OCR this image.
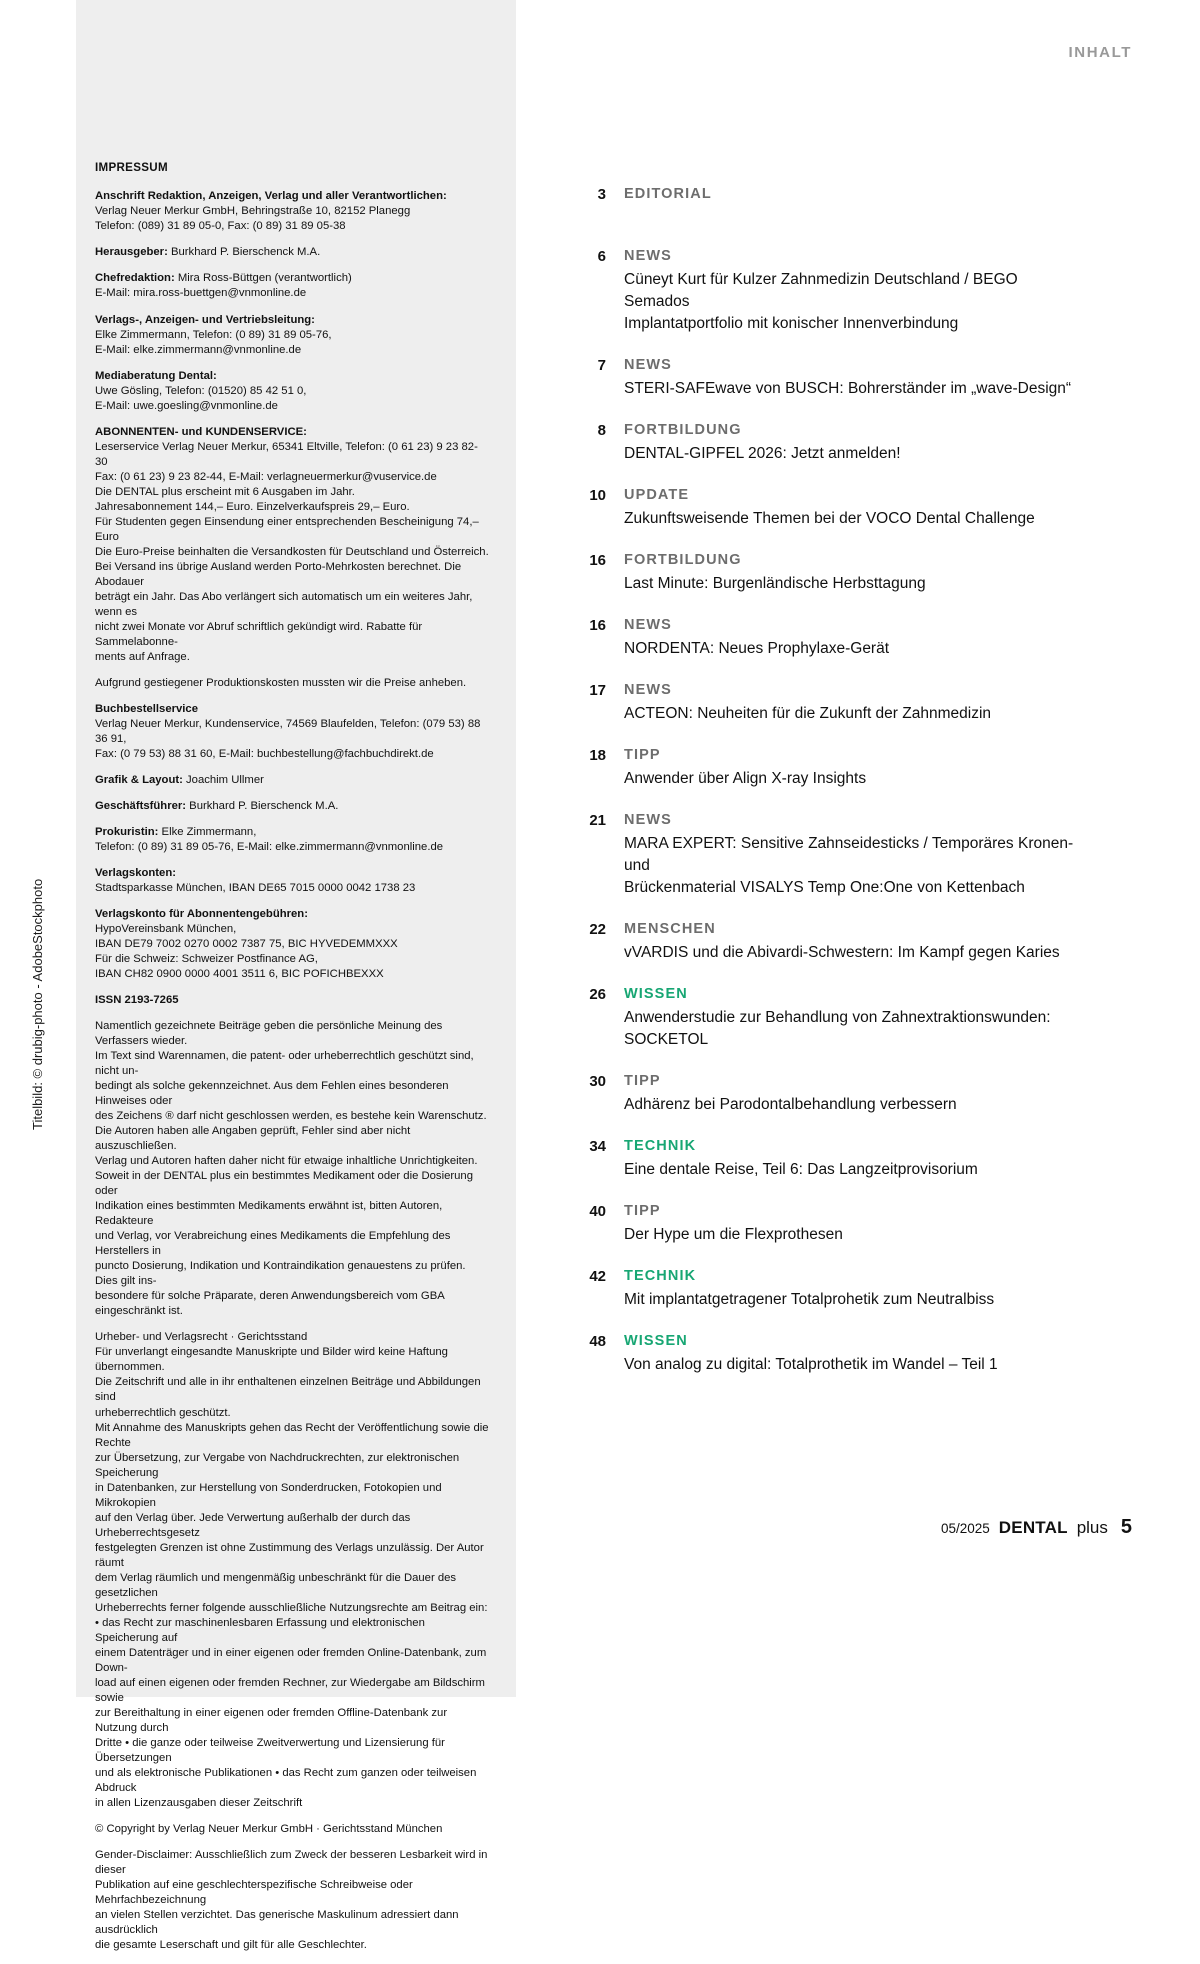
INHALT
Titelbild: © drubig-photo - AdobeStockphoto
IMPRESSUM
Anschrift Redaktion, Anzeigen, Verlag und aller Verantwortlichen:
Verlag Neuer Merkur GmbH, Behringstraße 10, 82152 Planegg
Telefon: (089) 31 89 05-0, Fax: (0 89) 31 89 05-38
Herausgeber: Burkhard P. Bierschenck M.A.
Chefredaktion: Mira Ross-Büttgen (verantwortlich)
E-Mail: mira.ross-buettgen@vnmonline.de
Verlags-, Anzeigen- und Vertriebsleitung:
Elke Zimmermann, Telefon: (0 89) 31 89 05-76,
E-Mail: elke.zimmermann@vnmonline.de
Mediaberatung Dental:
Uwe Gösling, Telefon: (01520) 85 42 51 0,
E-Mail: uwe.goesling@vnmonline.de
ABONNENTEN- und KUNDENSERVICE:
Leserservice Verlag Neuer Merkur, 65341 Eltville, Telefon: (0 61 23) 9 23 82-30
Fax: (0 61 23) 9 23 82-44, E-Mail: verlagneuermerkur@vuservice.de
Die DENTAL plus erscheint mit 6 Ausgaben im Jahr.
Jahresabonnement 144,– Euro. Einzelverkaufspreis 29,– Euro.
Für Studenten gegen Einsendung einer entsprechenden Bescheinigung 74,– Euro
Die Euro-Preise beinhalten die Versandkosten für Deutschland und Österreich.
Bei Versand ins übrige Ausland werden Porto-Mehrkosten berechnet. Die Abodauer
beträgt ein Jahr. Das Abo verlängert sich automatisch um ein weiteres Jahr, wenn es
nicht zwei Monate vor Abruf schriftlich gekündigt wird. Rabatte für Sammelabonne-
ments auf Anfrage.
Aufgrund gestiegener Produktionskosten mussten wir die Preise anheben.
Buchbestellservice
Verlag Neuer Merkur, Kundenservice, 74569 Blaufelden, Telefon: (079 53) 88 36 91,
Fax: (0 79 53) 88 31 60, E-Mail: buchbestellung@fachbuchdirekt.de
Grafik & Layout: Joachim Ullmer
Geschäftsführer: Burkhard P. Bierschenck M.A.
Prokuristin: Elke Zimmermann,
Telefon: (0 89) 31 89 05-76, E-Mail: elke.zimmermann@vnmonline.de
Verlagskonten:
Stadtsparkasse München, IBAN DE65 7015 0000 0042 1738 23
Verlagskonto für Abonnentengebühren:
HypoVereinsbank München,
IBAN DE79 7002 0270 0002 7387 75, BIC HYVEDEMMXXX
Für die Schweiz: Schweizer Postfinance AG,
IBAN CH82 0900 0000 4001 3511 6, BIC POFICHBEXXX
ISSN 2193-7265
Namentlich gezeichnete Beiträge geben die persönliche Meinung des Verfassers wieder.
Im Text sind Warennamen, die patent- oder urheberrechtlich geschützt sind, nicht un-
bedingt als solche gekennzeichnet. Aus dem Fehlen eines besonderen Hinweises oder
des Zeichens ® darf nicht geschlossen werden, es bestehe kein Warenschutz.
Die Autoren haben alle Angaben geprüft, Fehler sind aber nicht auszuschließen.
Verlag und Autoren haften daher nicht für etwaige inhaltliche Unrichtigkeiten.
Soweit in der DENTAL plus ein bestimmtes Medikament oder die Dosierung oder
Indikation eines bestimmten Medikaments erwähnt ist, bitten Autoren, Redakteure
und Verlag, vor Verabreichung eines Medikaments die Empfehlung des Herstellers in
puncto Dosierung, Indikation und Kontraindikation genauestens zu prüfen. Dies gilt ins-
besondere für solche Präparate, deren Anwendungsbereich vom GBA eingeschränkt ist.
Urheber- und Verlagsrecht · Gerichtsstand
Für unverlangt eingesandte Manuskripte und Bilder wird keine Haftung übernommen.
Die Zeitschrift und alle in ihr enthaltenen einzelnen Beiträge und Abbildungen sind
urheberrechtlich geschützt.
Mit Annahme des Manuskripts gehen das Recht der Veröffentlichung sowie die Rechte
zur Übersetzung, zur Vergabe von Nachdruckrechten, zur elektronischen Speicherung
in Datenbanken, zur Herstellung von Sonderdrucken, Fotokopien und Mikrokopien
auf den Verlag über. Jede Verwertung außerhalb der durch das Urheberrechtsgesetz
festgelegten Grenzen ist ohne Zustimmung des Verlags unzulässig. Der Autor räumt
dem Verlag räumlich und mengenmäßig unbeschränkt für die Dauer des gesetzlichen
Urheberrechts ferner folgende ausschließliche Nutzungsrechte am Beitrag ein:
• das Recht zur maschinenlesbaren Erfassung und elektronischen Speicherung auf
einem Datenträger und in einer eigenen oder fremden Online-Datenbank, zum Down-
load auf einen eigenen oder fremden Rechner, zur Wiedergabe am Bildschirm sowie
zur Bereithaltung in einer eigenen oder fremden Offline-Datenbank zur Nutzung durch
Dritte • die ganze oder teilweise Zweitverwertung und Lizensierung für Übersetzungen
und als elektronische Publikationen • das Recht zum ganzen oder teilweisen Abdruck
in allen Lizenzausgaben dieser Zeitschrift
© Copyright by Verlag Neuer Merkur GmbH · Gerichtsstand München
Gender-Disclaimer: Ausschließlich zum Zweck der besseren Lesbarkeit wird in dieser
Publikation auf eine geschlechterspezifische Schreibweise oder Mehrfachbezeichnung
an vielen Stellen verzichtet. Das generische Maskulinum adressiert dann ausdrücklich
die gesamte Leserschaft und gilt für alle Geschlechter.
3 EDITORIAL
6 NEWS
Cüneyt Kurt für Kulzer Zahnmedizin Deutschland / BEGO Semados
Implantatportfolio mit konischer Innenverbindung
7 NEWS
STERI-SAFEwave von BUSCH: Bohrerständer im „wave-Design“
8 FORTBILDUNG
DENTAL-GIPFEL 2026: Jetzt anmelden!
10 UPDATE
Zukunftsweisende Themen bei der VOCO Dental Challenge
16 FORTBILDUNG
Last Minute: Burgenländische Herbsttagung
16 NEWS
NORDENTA: Neues Prophylaxe-Gerät
17 NEWS
ACTEON: Neuheiten für die Zukunft der Zahnmedizin
18 TIPP
Anwender über Align X-ray Insights
21 NEWS
MARA EXPERT: Sensitive Zahnseidesticks / Temporäres Kronen- und
Brückenmaterial VISALYS Temp One:One von Kettenbach
22 MENSCHEN
vVARDIS und die Abivardi-Schwestern: Im Kampf gegen Karies
26 WISSEN
Anwenderstudie zur Behandlung von Zahnextraktionswunden:
SOCKETOL
30 TIPP
Adhärenz bei Parodontalbehandlung verbessern
34 TECHNIK
Eine dentale Reise, Teil 6: Das Langzeitprovisorium
40 TIPP
Der Hype um die Flexprothesen
42 TECHNIK
Mit implantatgetragener Totalprohetik zum Neutralbiss
48 WISSEN
Von analog zu digital: Totalprothetik im Wandel – Teil 1
05/2025 DENTAL plus 5
